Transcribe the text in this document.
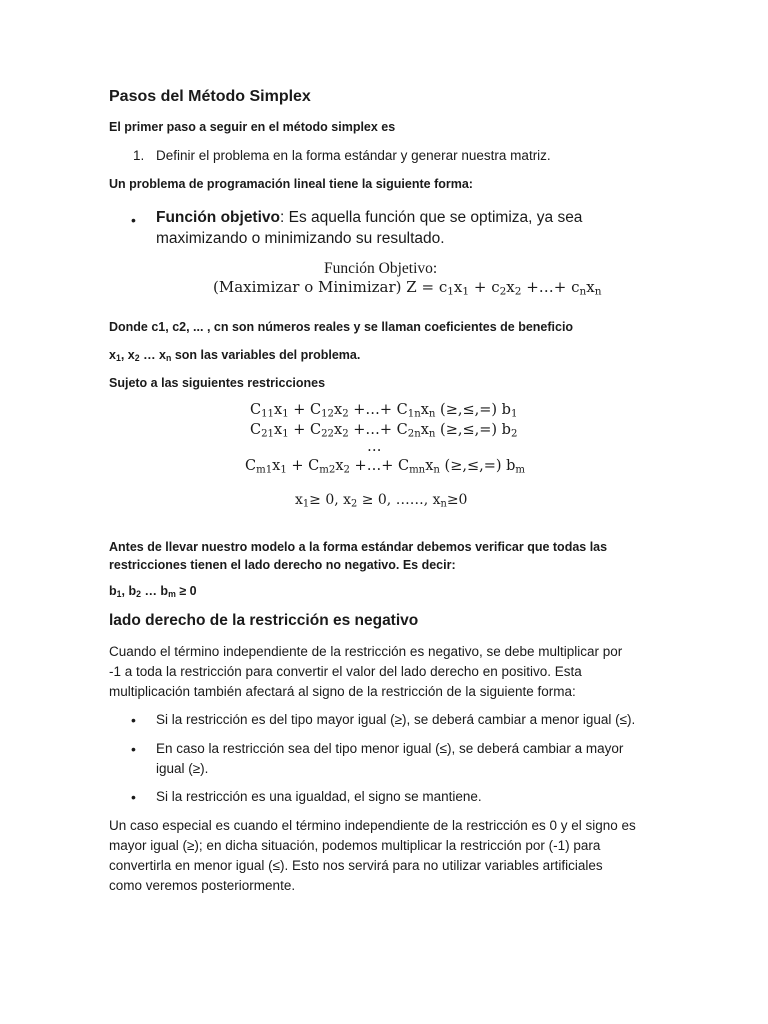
Pasos del Método Simplex
El primer paso a seguir en el método simplex es
1. Definir el problema en la forma estándar y generar nuestra matriz.
Un problema de programación lineal tiene la siguiente forma:
• Función objetivo: Es aquella función que se optimiza, ya sea
maximizando o minimizando su resultado.
Función Objetivo:
(Maximizar o Minimizar) $Z = c_1x_1 + c_2x_2$ +…+ $c_nx_n$
Donde c1, c2, ... , cn son números reales y se llaman coeficientes de beneficio
$x_1$, $x_2$ … $x_n$ son las variables del problema.
Sujeto a las siguientes restricciones
$C_{11}x_1 + C_{12}x_2$ +…+ $C_{1n}x_n$ (≥,≤,=) $b_1$
$C_{21}x_1 + C_{22}x_2$ +…+ $C_{2n}x_n$ (≥,≤,=) $b_2$
…
$C_{m1}x_1 + C_{m2}x_2$ +…+ $C_{mn}x_n$ (≥,≤,=) $b_m$
$x_1\ge 0$, $x_2 \ge 0$, ……, $x_n\ge 0$
Antes de llevar nuestro modelo a la forma estándar debemos verificar que todas las
restricciones tienen el lado derecho no negativo. Es decir:
$b_1$, $b_2$ … $b_m \ge 0$
lado derecho de la restricción es negativo
Cuando el término independiente de la restricción es negativo, se debe multiplicar por
-1 a toda la restricción para convertir el valor del lado derecho en positivo. Esta
multiplicación también afectará al signo de la restricción de la siguiente forma:
• Si la restricción es del tipo mayor igual (≥), se deberá cambiar a menor igual (≤).
• En caso la restricción sea del tipo menor igual (≤), se deberá cambiar a mayor
igual (≥).
• Si la restricción es una igualdad, el signo se mantiene.
Un caso especial es cuando el término independiente de la restricción es 0 y el signo es
mayor igual (≥); en dicha situación, podemos multiplicar la restricción por (-1) para
convertirla en menor igual (≤). Esto nos servirá para no utilizar variables artificiales
como veremos posteriormente.
